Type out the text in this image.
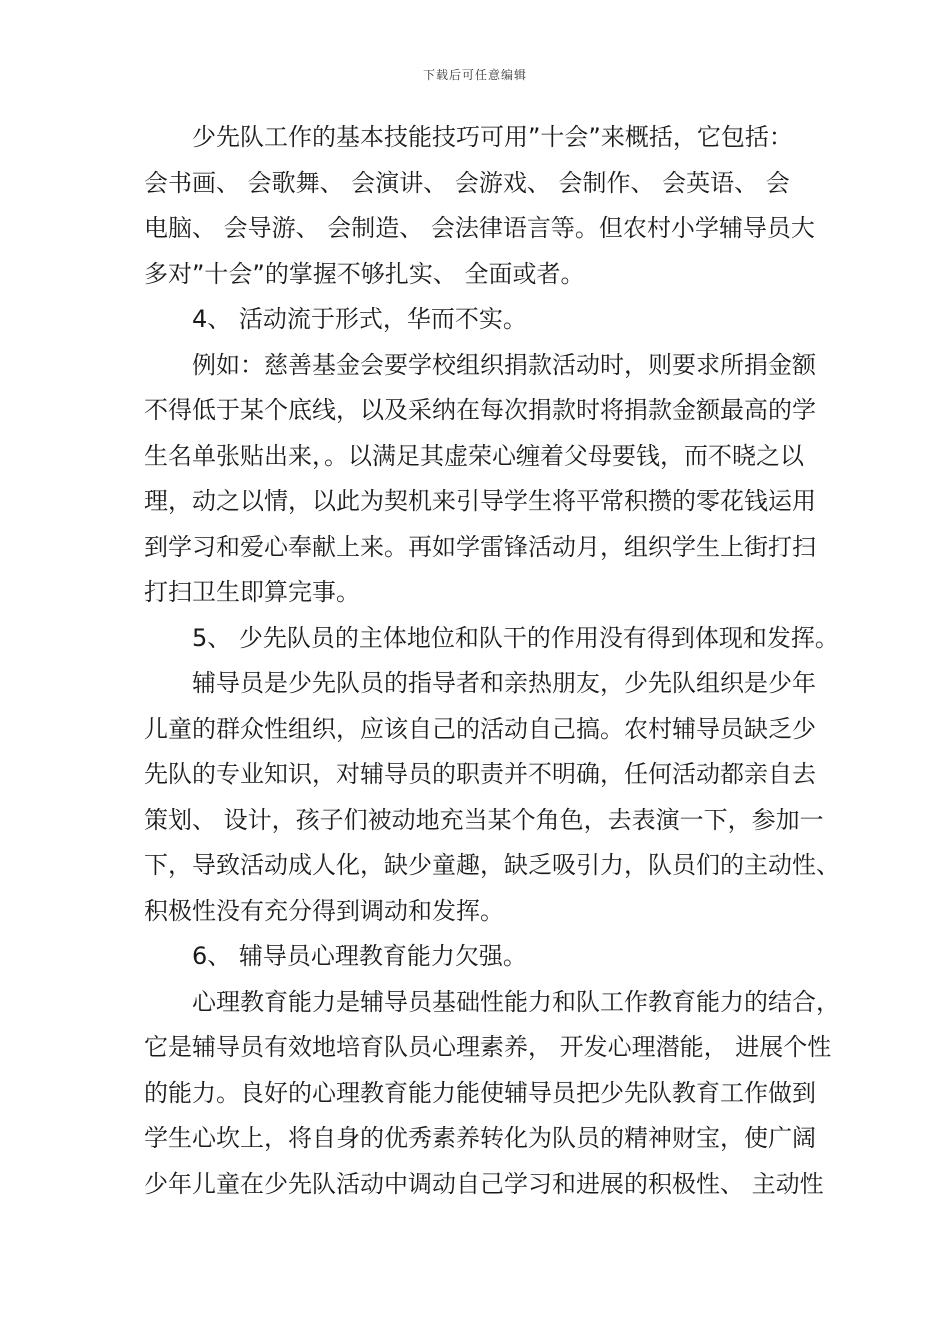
下载后可任意编辑
少先队工作的基本技能技巧可用”十会”来概括，它包括：
会书画、 会歌舞、 会演讲、 会游戏、 会制作、 会英语、 会
电脑、 会导游、 会制造、 会法律语言等。但农村小学辅导员大
多对”十会”的掌握不够扎实、 全面或者。
4、 活动流于形式，华而不实。
例如：慈善基金会要学校组织捐款活动时，则要求所捐金额
不得低于某个底线，以及采纳在每次捐款时将捐款金额最高的学
生名单张贴出来，。以满足其虚荣心缠着父母要钱，而不晓之以
理，动之以情，以此为契机来引导学生将平常积攒的零花钱运用
到学习和爱心奉献上来。再如学雷锋活动月，组织学生上街打扫
打扫卫生即算完事。
5、 少先队员的主体地位和队干的作用没有得到体现和发挥。
辅导员是少先队员的指导者和亲热朋友，少先队组织是少年
儿童的群众性组织，应该自己的活动自己搞。农村辅导员缺乏少
先队的专业知识，对辅导员的职责并不明确，任何活动都亲自去
策划、 设计，孩子们被动地充当某个角色，去表演一下，参加一
下，导致活动成人化，缺少童趣，缺乏吸引力，队员们的主动性、
积极性没有充分得到调动和发挥。
6、 辅导员心理教育能力欠强。
心理教育能力是辅导员基础性能力和队工作教育能力的结合，
它是辅导员有效地培育队员心理素养， 开发心理潜能， 进展个性
的能力。良好的心理教育能力能使辅导员把少先队教育工作做到
学生心坎上，将自身的优秀素养转化为队员的精神财宝，使广阔
少年儿童在少先队活动中调动自己学习和进展的积极性、 主动性
